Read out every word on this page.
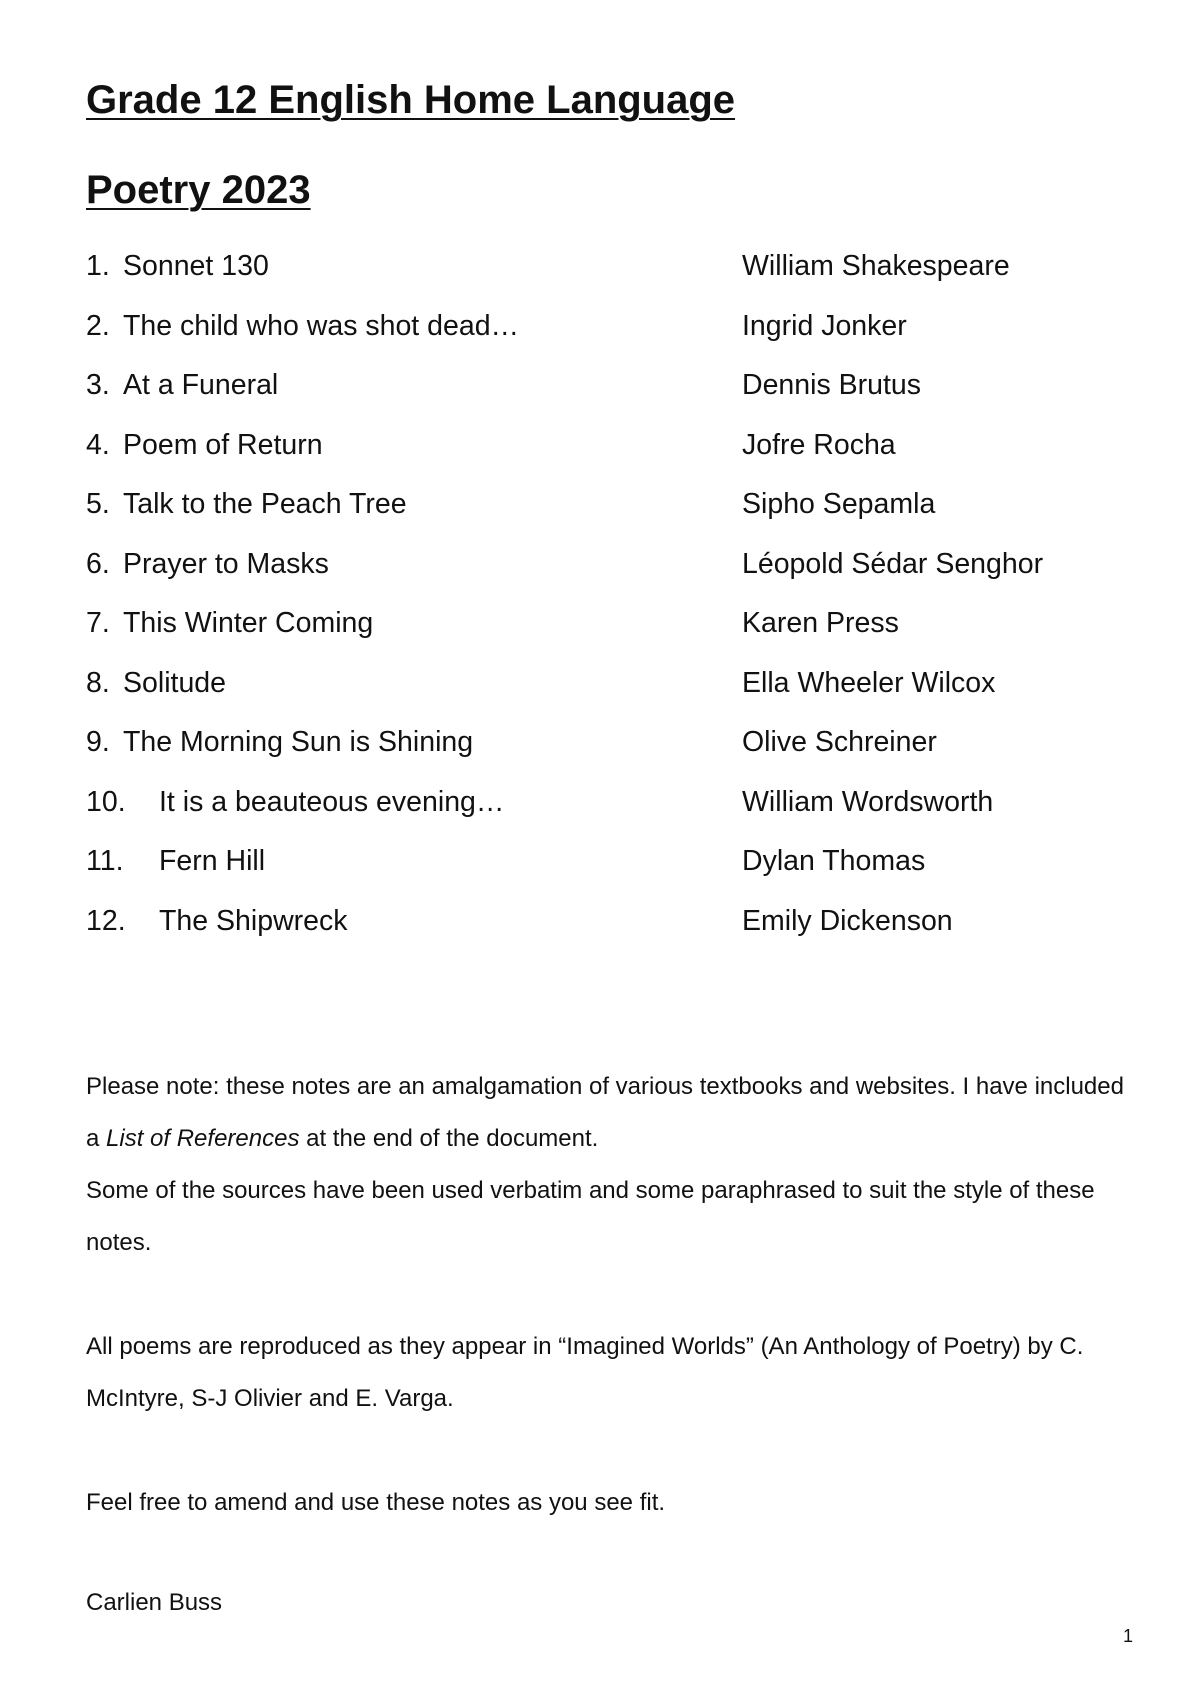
Grade 12 English Home Language
Poetry 2023
1. Sonnet 130	William Shakespeare
2. The child who was shot dead…	Ingrid Jonker
3. At a Funeral	Dennis Brutus
4. Poem of Return	Jofre Rocha
5. Talk to the Peach Tree	Sipho Sepamla
6. Prayer to Masks	Léopold Sédar Senghor
7. This Winter Coming	Karen Press
8. Solitude	Ella Wheeler Wilcox
9. The Morning Sun is Shining	Olive Schreiner
10. It is a beauteous evening…	William Wordsworth
11. Fern Hill	Dylan Thomas
12. The Shipwreck	Emily Dickenson
Please note: these notes are an amalgamation of various textbooks and websites. I have included a List of References at the end of the document.
Some of the sources have been used verbatim and some paraphrased to suit the style of these notes.

All poems are reproduced as they appear in “Imagined Worlds” (An Anthology of Poetry) by C. McIntyre, S-J Olivier and E. Varga.

Feel free to amend and use these notes as you see fit.

Carlien Buss

1
